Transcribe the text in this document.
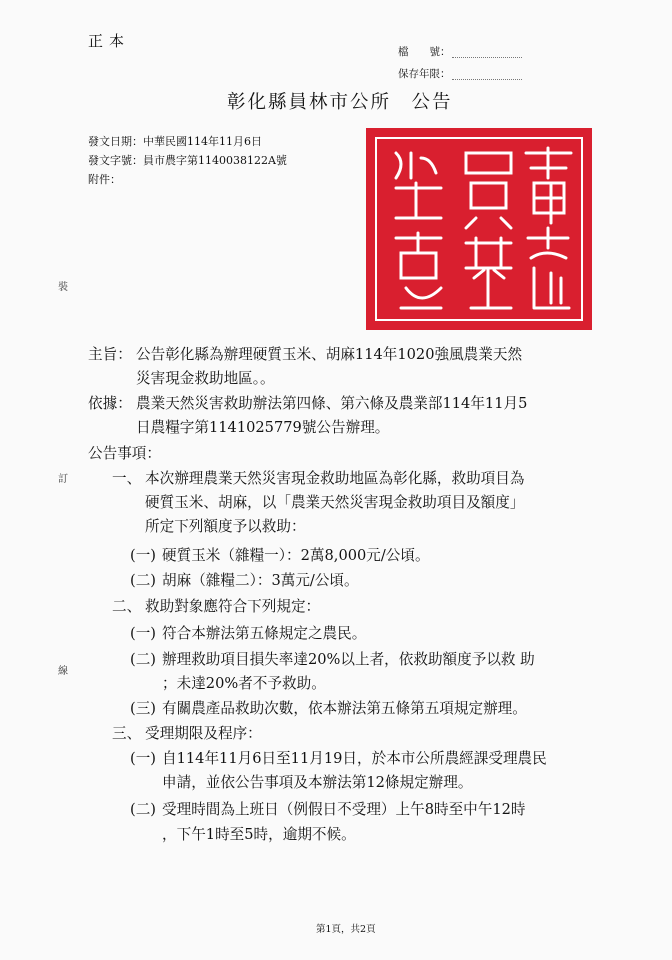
正本
檔　　號：
保存年限：
彰化縣員林市公所　公告
發文日期：中華民國114年11月6日
發文字號：員市農字第1140038122A號
附件：
裝
訂
線
主旨： 公告彰化縣為辦理硬質玉米、胡麻114年1020強風農業天然
災害現金救助地區。。
依據： 農業天然災害救助辦法第四條、第六條及農業部114年11月5
日農糧字第1141025779號公告辦理。
公告事項：
一、 本次辦理農業天然災害現金救助地區為彰化縣，救助項目為
硬質玉米、胡麻，以「農業天然災害現金救助項目及額度」
所定下列額度予以救助：
(一) 硬質玉米（雜糧一）：2萬8,000元/公頃。
(二) 胡麻（雜糧二）：3萬元/公頃。
二、 救助對象應符合下列規定：
(一) 符合本辦法第五條規定之農民。
(二) 辦理救助項目損失率達20%以上者，依救助額度予以救 助
；未達20%者不予救助。
(三) 有關農產品救助次數，依本辦法第五條第五項規定辦理。
三、 受理期限及程序：
(一) 自114年11月6日至11月19日，於本市公所農經課受理農民
申請，並依公告事項及本辦法第12條規定辦理。
(二) 受理時間為上班日（例假日不受理）上午8時至中午12時
，下午1時至5時，逾期不候。
第1頁，共2頁
